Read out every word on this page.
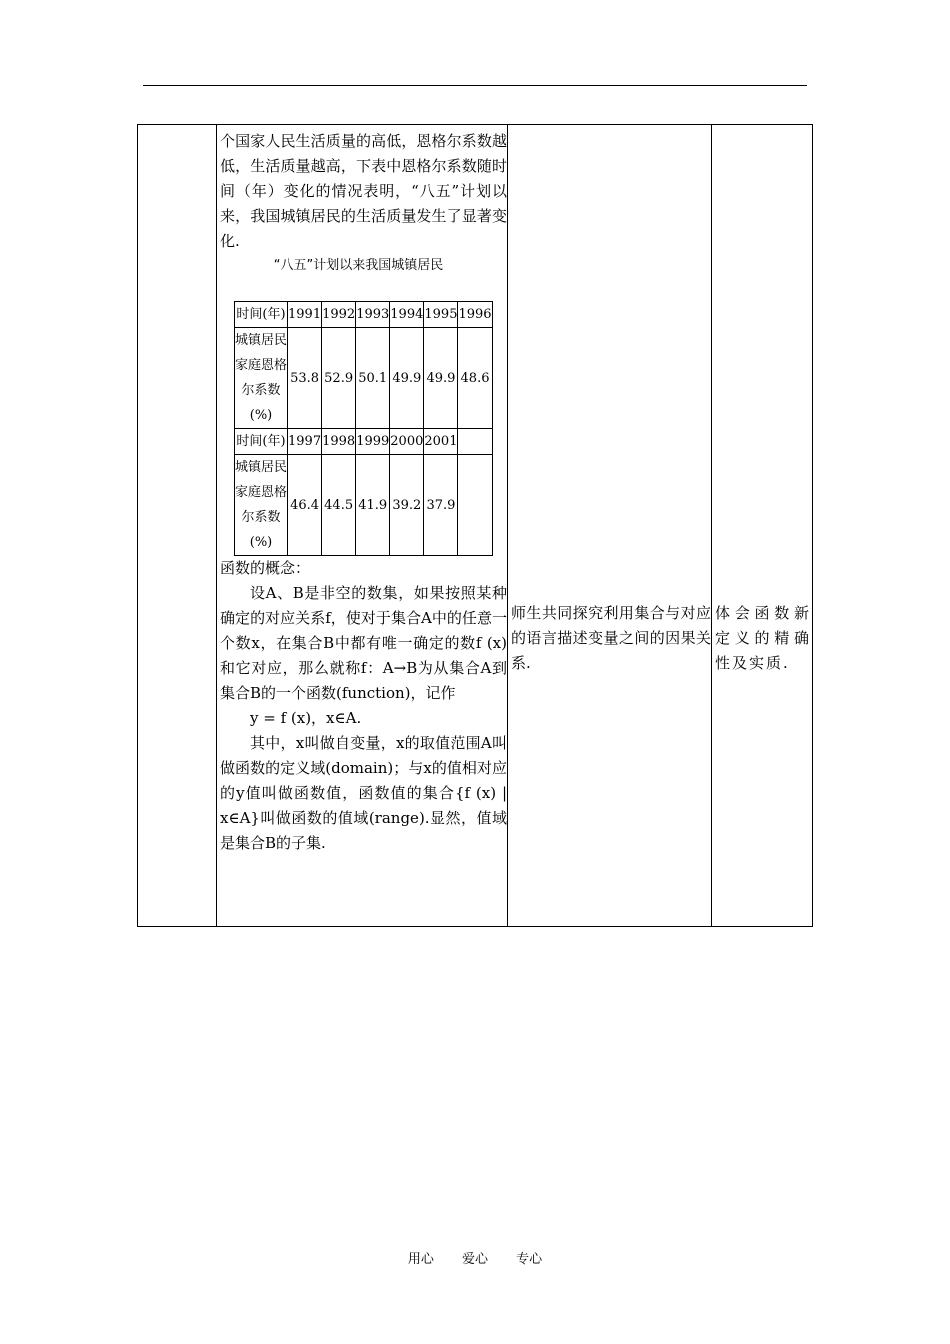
个国家人民生活质量的高低，恩格尔系数越低，生活质量越高，下表中恩格尔系数随时间（年）变化的情况表明，“八五”计划以来，我国城镇居民的生活质量发生了显著变化.

“八五”计划以来我国城镇居民
时间(年)	1991	1992	1993	1994	1995	1996
城镇居民家庭恩格尔系数(%)	53.8	52.9	50.1	49.9	49.9	48.6
时间(年)	1997	1998	1999	2000	2001	
城镇居民家庭恩格尔系数(%)	46.4	44.5	41.9	39.2	37.9	

函数的概念：

设A、B是非空的数集，如果按照某种确定的对应关系f，使对于集合A中的任意一个数x，在集合B中都有唯一确定的数f (x)和它对应，那么就称f：A→B为从集合A到集合B的一个函数(function)，记作

y = f (x)，x∈A.

其中，x叫做自变量，x的取值范围A叫做函数的定义域(domain)；与x的值相对应的y值叫做函数值，函数值的集合{f (x) | x∈A}叫做函数的值域(range).显然，值域是集合B的子集.

师生共同探究利用集合与对应的语言描述变量之间的因果关系.
体会函数新定义的精确性及实质.
用心 爱心 专心
